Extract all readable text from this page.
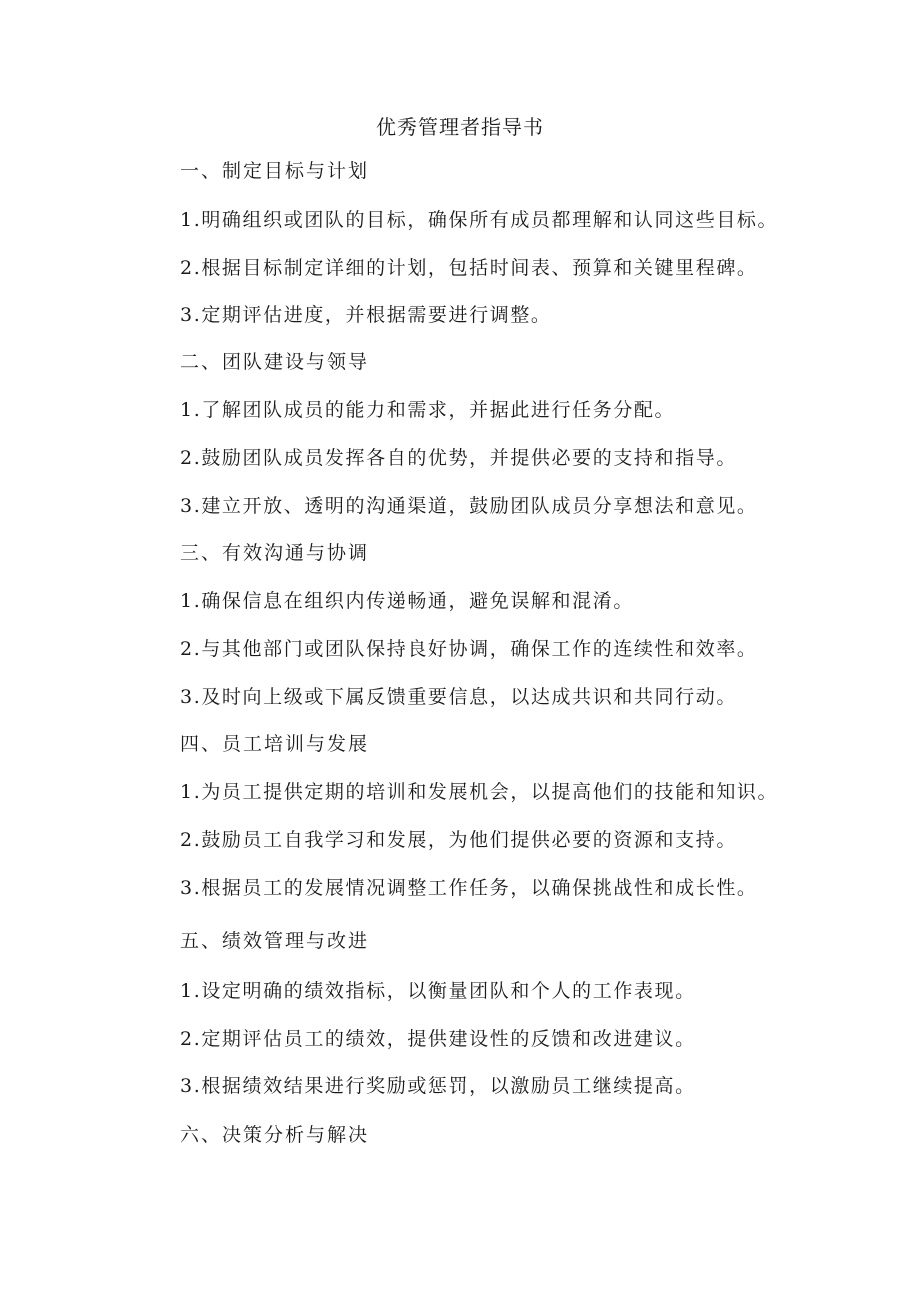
优秀管理者指导书

一、制定目标与计划

1.明确组织或团队的目标，确保所有成员都理解和认同这些目标。

2.根据目标制定详细的计划，包括时间表、预算和关键里程碑。

3.定期评估进度，并根据需要进行调整。

二、团队建设与领导

1.了解团队成员的能力和需求，并据此进行任务分配。

2.鼓励团队成员发挥各自的优势，并提供必要的支持和指导。

3.建立开放、透明的沟通渠道，鼓励团队成员分享想法和意见。

三、有效沟通与协调

1.确保信息在组织内传递畅通，避免误解和混淆。

2.与其他部门或团队保持良好协调，确保工作的连续性和效率。

3.及时向上级或下属反馈重要信息，以达成共识和共同行动。

四、员工培训与发展

1.为员工提供定期的培训和发展机会，以提高他们的技能和知识。

2.鼓励员工自我学习和发展，为他们提供必要的资源和支持。

3.根据员工的发展情况调整工作任务，以确保挑战性和成长性。

五、绩效管理与改进

1.设定明确的绩效指标，以衡量团队和个人的工作表现。

2.定期评估员工的绩效，提供建设性的反馈和改进建议。

3.根据绩效结果进行奖励或惩罚，以激励员工继续提高。

六、决策分析与解决
